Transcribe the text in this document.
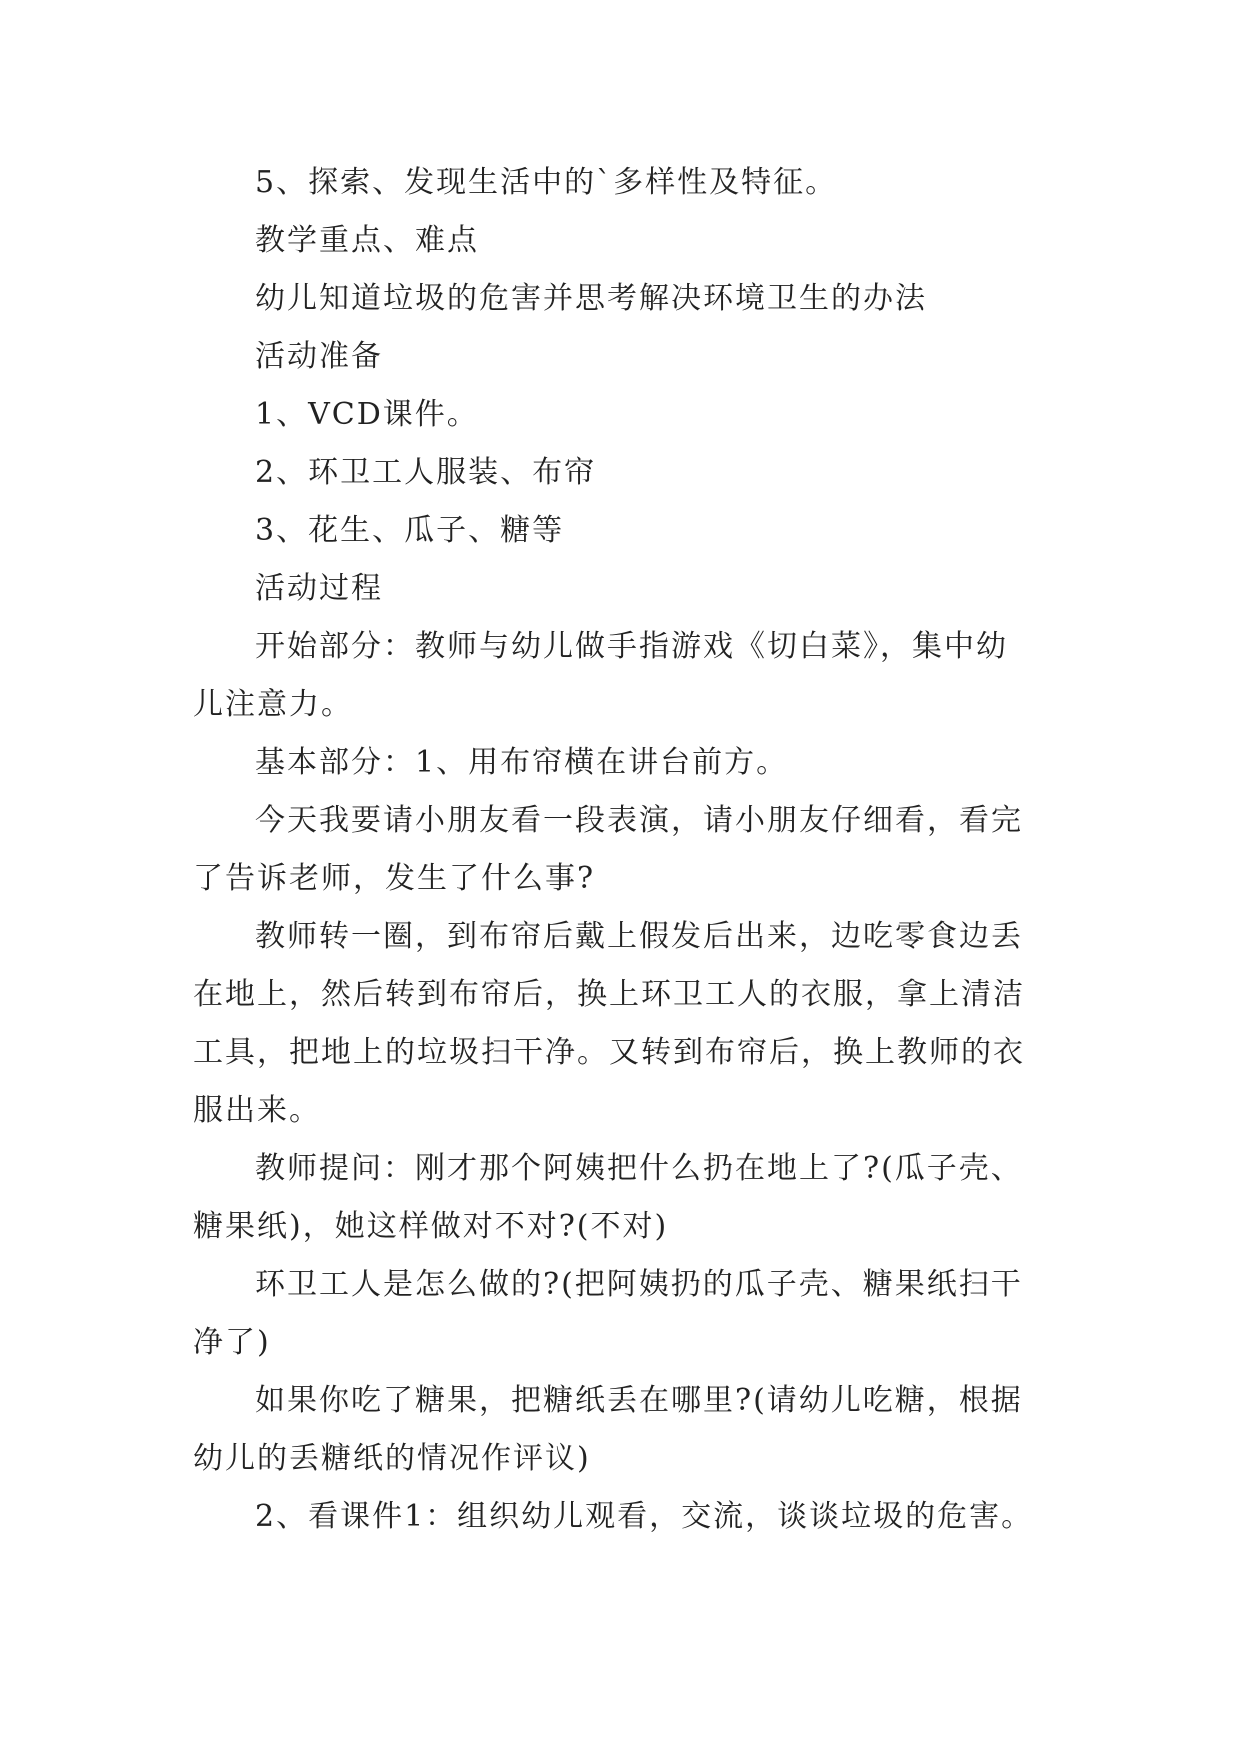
5、探索、发现生活中的`多样性及特征。

教学重点、难点

幼儿知道垃圾的危害并思考解决环境卫生的办法

活动准备

1、VCD课件。

2、环卫工人服装、布帘

3、花生、瓜子、糖等

活动过程

开始部分：教师与幼儿做手指游戏《切白菜》，集中幼
儿注意力。

基本部分：1、用布帘横在讲台前方。

今天我要请小朋友看一段表演，请小朋友仔细看，看完
了告诉老师，发生了什么事?

教师转一圈，到布帘后戴上假发后出来，边吃零食边丢
在地上，然后转到布帘后，换上环卫工人的衣服，拿上清洁
工具，把地上的垃圾扫干净。又转到布帘后，换上教师的衣
服出来。

教师提问：刚才那个阿姨把什么扔在地上了?(瓜子壳、
糖果纸)，她这样做对不对?(不对)

环卫工人是怎么做的?(把阿姨扔的瓜子壳、糖果纸扫干
净了)

如果你吃了糖果，把糖纸丢在哪里?(请幼儿吃糖，根据
幼儿的丢糖纸的情况作评议)

2、看课件1：组织幼儿观看，交流，谈谈垃圾的危害。
